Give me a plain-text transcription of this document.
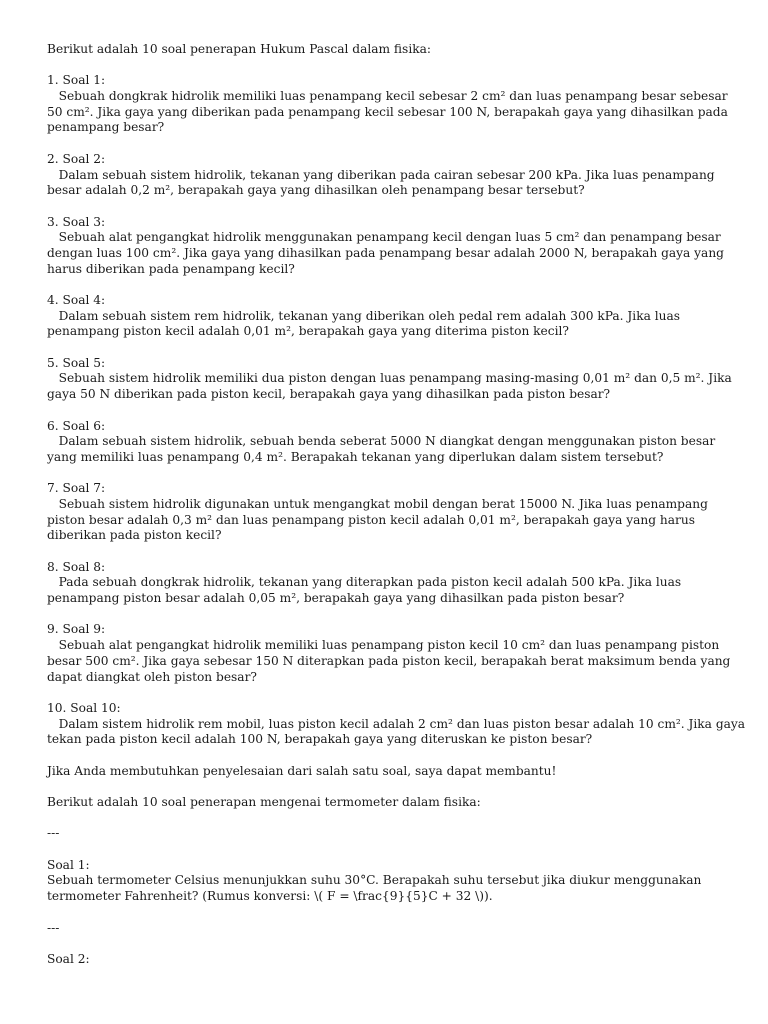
Berikut adalah 10 soal penerapan Hukum Pascal dalam fisika:
1. Soal 1:
Sebuah dongkrak hidrolik memiliki luas penampang kecil sebesar 2 cm² dan luas penampang besar sebesar
50 cm². Jika gaya yang diberikan pada penampang kecil sebesar 100 N, berapakah gaya yang dihasilkan pada
penampang besar?
2. Soal 2:
Dalam sebuah sistem hidrolik, tekanan yang diberikan pada cairan sebesar 200 kPa. Jika luas penampang
besar adalah 0,2 m², berapakah gaya yang dihasilkan oleh penampang besar tersebut?
3. Soal 3:
Sebuah alat pengangkat hidrolik menggunakan penampang kecil dengan luas 5 cm² dan penampang besar
dengan luas 100 cm². Jika gaya yang dihasilkan pada penampang besar adalah 2000 N, berapakah gaya yang
harus diberikan pada penampang kecil?
4. Soal 4:
Dalam sebuah sistem rem hidrolik, tekanan yang diberikan oleh pedal rem adalah 300 kPa. Jika luas
penampang piston kecil adalah 0,01 m², berapakah gaya yang diterima piston kecil?
5. Soal 5:
Sebuah sistem hidrolik memiliki dua piston dengan luas penampang masing-masing 0,01 m² dan 0,5 m². Jika
gaya 50 N diberikan pada piston kecil, berapakah gaya yang dihasilkan pada piston besar?
6. Soal 6:
Dalam sebuah sistem hidrolik, sebuah benda seberat 5000 N diangkat dengan menggunakan piston besar
yang memiliki luas penampang 0,4 m². Berapakah tekanan yang diperlukan dalam sistem tersebut?
7. Soal 7:
Sebuah sistem hidrolik digunakan untuk mengangkat mobil dengan berat 15000 N. Jika luas penampang
piston besar adalah 0,3 m² dan luas penampang piston kecil adalah 0,01 m², berapakah gaya yang harus
diberikan pada piston kecil?
8. Soal 8:
Pada sebuah dongkrak hidrolik, tekanan yang diterapkan pada piston kecil adalah 500 kPa. Jika luas
penampang piston besar adalah 0,05 m², berapakah gaya yang dihasilkan pada piston besar?
9. Soal 9:
Sebuah alat pengangkat hidrolik memiliki luas penampang piston kecil 10 cm² dan luas penampang piston
besar 500 cm². Jika gaya sebesar 150 N diterapkan pada piston kecil, berapakah berat maksimum benda yang
dapat diangkat oleh piston besar?
10. Soal 10:
Dalam sistem hidrolik rem mobil, luas piston kecil adalah 2 cm² dan luas piston besar adalah 10 cm². Jika gaya
tekan pada piston kecil adalah 100 N, berapakah gaya yang diteruskan ke piston besar?
Jika Anda membutuhkan penyelesaian dari salah satu soal, saya dapat membantu!
Berikut adalah 10 soal penerapan mengenai termometer dalam fisika:
---
Soal 1:
Sebuah termometer Celsius menunjukkan suhu 30°C. Berapakah suhu tersebut jika diukur menggunakan
termometer Fahrenheit? (Rumus konversi: \( F = \frac{9}{5}C + 32 \)).
---
Soal 2:
